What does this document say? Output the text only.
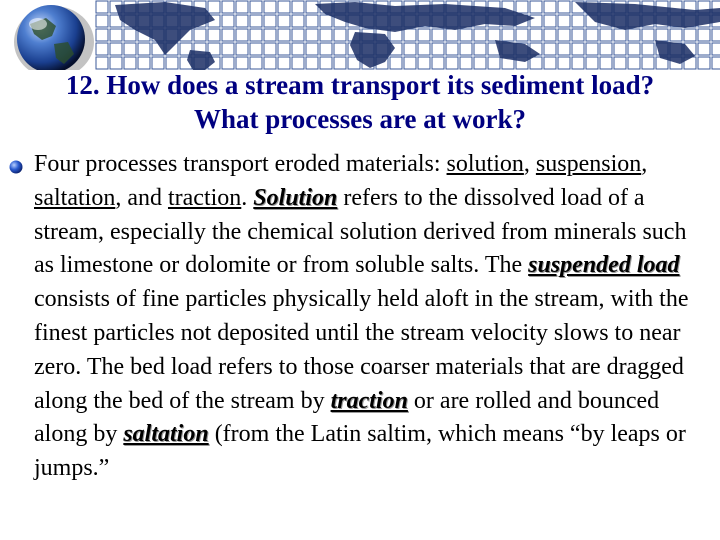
12. How does a stream transport its sediment load?
What processes are at work?
Four processes transport eroded materials: solution, suspension, saltation, and traction. Solution refers to the dissolved load of a stream, especially the chemical solution derived from minerals such as limestone or dolomite or from soluble salts. The suspended load consists of fine particles physically held aloft in the stream, with the finest particles not deposited until the stream velocity slows to near zero. The bed load refers to those coarser materials that are dragged along the bed of the stream by traction or are rolled and bounced along by saltation (from the Latin saltim, which means “by leaps or jumps.”
